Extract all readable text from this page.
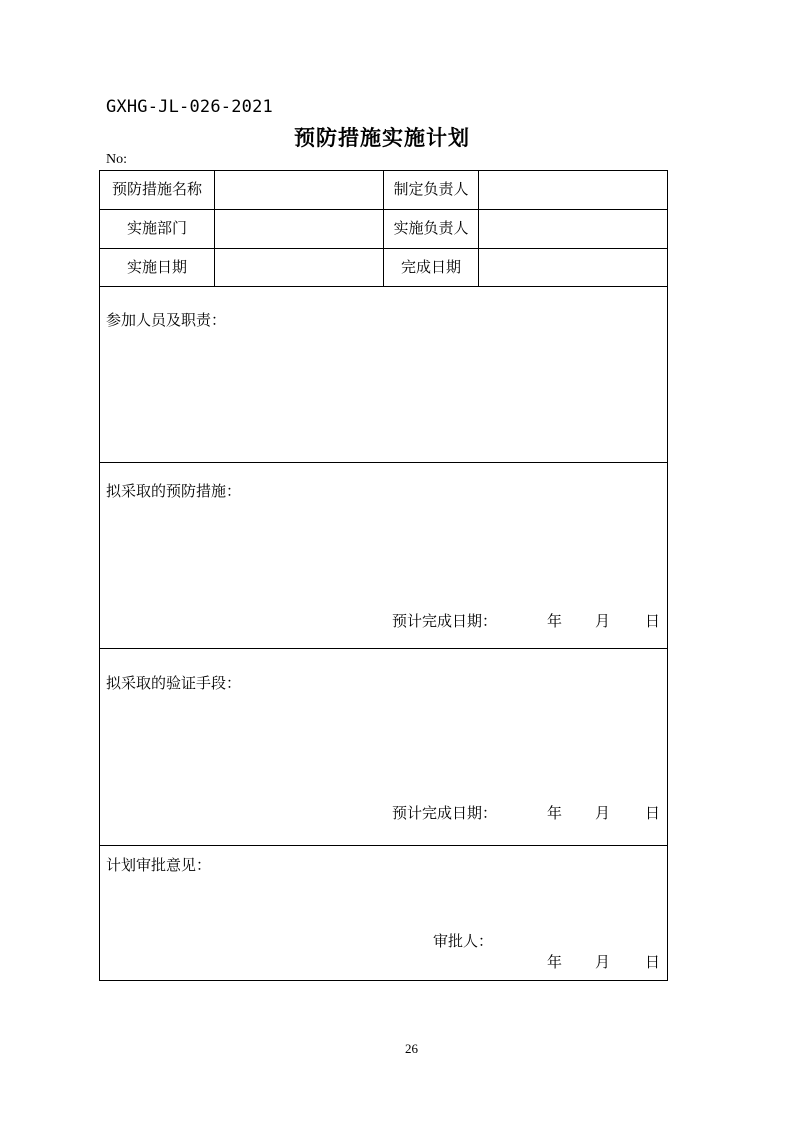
GXHG-JL-026-2021
预防措施实施计划
No:
预防措施名称	制定负责人
实施部门	实施负责人
实施日期	完成日期
参加人员及职责：
拟采取的预防措施：
预计完成日期：	年 月 日
拟采取的验证手段：
预计完成日期：	年 月 日
计划审批意见：
审批人：
年 月 日
26
